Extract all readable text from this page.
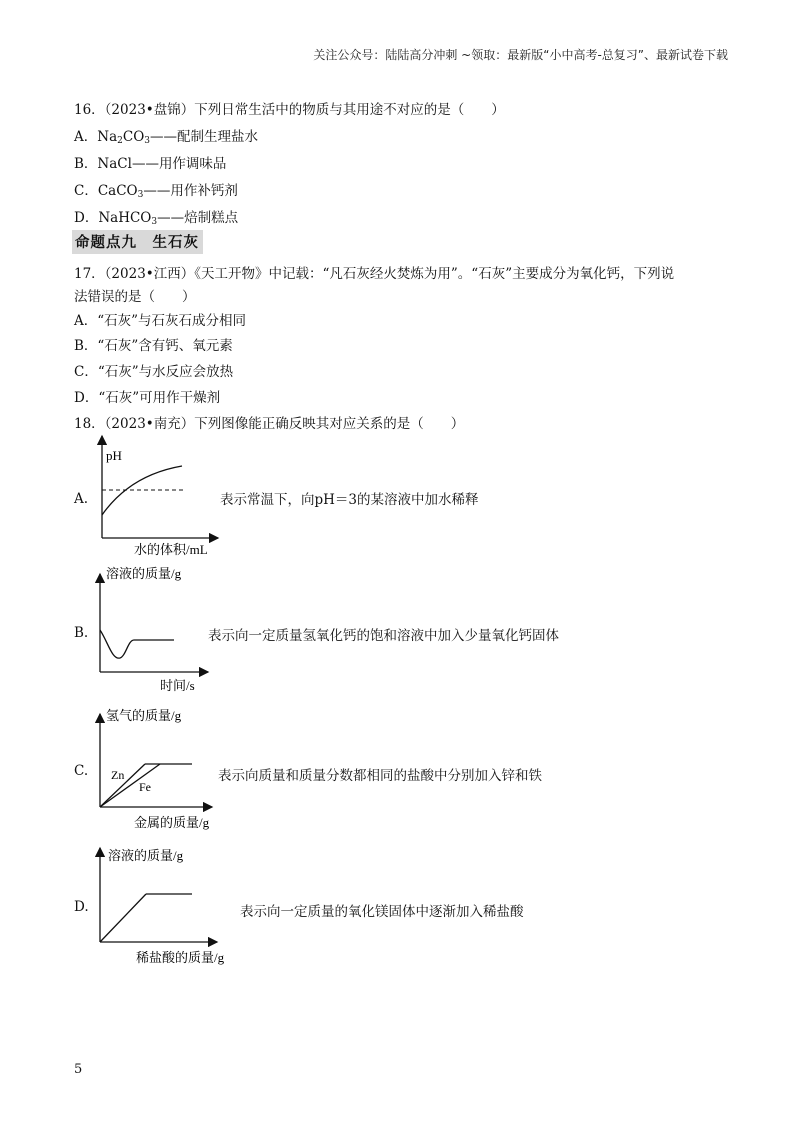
关注公众号：陆陆高分冲刺 ~领取：最新版“小中高考-总复习”、最新试卷下载
16．（2023•盘锦）下列日常生活中的物质与其用途不对应的是（　　）
A．$Na_2CO_3——$配制生理盐水
B．NaCl——用作调味品
C．CaCO$_3$——用作补钙剂
D．NaHCO$_3$——焙制糕点
命题点九　生石灰
17．（2023•江西）《天工开物》中记载：“凡石灰经火焚炼为用”。“石灰”主要成分为氧化钙，下列说
法错误的是（　　）
A．“石灰”与石灰石成分相同
B．“石灰”含有钙、氧元素
C．“石灰”与水反应会放热
D．“石灰”可用作干燥剂
18．（2023•南充）下列图像能正确反映其对应关系的是（　　）
A.
pH
水的体积/mL
表示常温下，向pH＝3的某溶液中加水稀释
B.
溶液的质量/g
时间/s
表示向一定质量氢氧化钙的饱和溶液中加入少量氧化钙固体
C. Zn
Fe
氢气的质量/g
金属的质量/g
表示向质量和质量分数都相同的盐酸中分别加入锌和铁
D.
溶液的质量/g
稀盐酸的质量/g
表示向一定质量的氧化镁固体中逐渐加入稀盐酸
5
